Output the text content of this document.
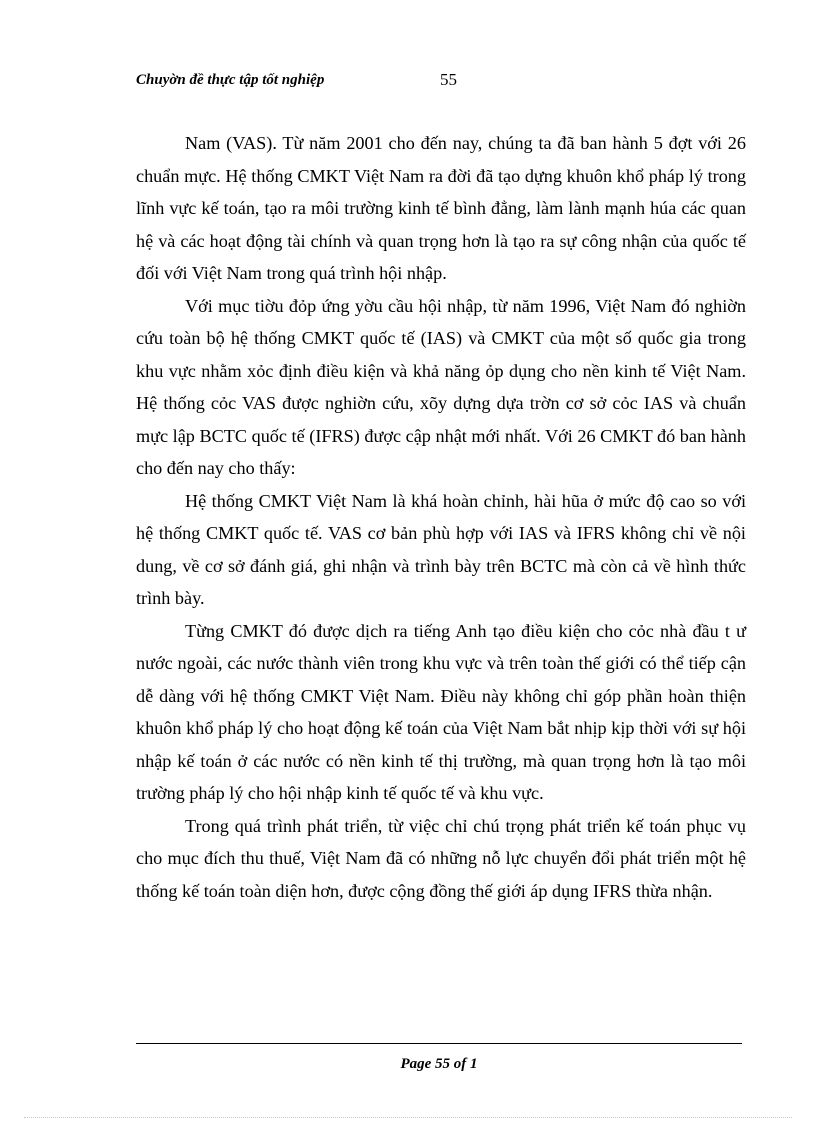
Chuyờn đề thực tập tốt nghiệp	55

Nam (VAS). Từ năm 2001 cho đến nay, chúng ta đã ban hành 5 đợt với 26 chuẩn mực. Hệ thống CMKT Việt Nam ra đời đã tạo dựng khuôn khổ pháp lý trong lĩnh vực kế toán, tạo ra môi trường kinh tế bình đẳng, làm lành mạnh húa các quan hệ và các hoạt động tài chính và quan trọng hơn là tạo ra sự công nhận của quốc tế đối với Việt Nam trong quá trình hội nhập.

Với mục tiờu đỏp ứng yờu cầu hội nhập, từ năm 1996, Việt Nam đó nghiờn cứu toàn bộ hệ thống CMKT quốc tế (IAS) và CMKT của một số quốc gia trong khu vực nhằm xỏc định điều kiện và khả năng ỏp dụng cho nền kinh tế Việt Nam. Hệ thống cỏc VAS được nghiờn cứu, xõy dựng dựa trờn cơ sở cỏc IAS và chuẩn mực lập BCTC quốc tế (IFRS) được cập nhật mới nhất. Với 26 CMKT đó ban hành cho đến nay cho thấy:

Hệ thống CMKT Việt Nam là khá hoàn chỉnh, hài hũa ở mức độ cao so với hệ thống CMKT quốc tế. VAS cơ bản phù hợp với IAS và IFRS không chỉ về nội dung, về cơ sở đánh giá, ghi nhận và trình bày trên BCTC mà còn cả về hình thức trình bày.

Từng CMKT đó được dịch ra tiếng Anh tạo điều kiện cho cỏc nhà đầu t ư nước ngoài, các nước thành viên trong khu vực và trên toàn thế giới có thể tiếp cận dễ dàng với hệ thống CMKT Việt Nam. Điều này không chỉ góp phần hoàn thiện khuôn khổ pháp lý cho hoạt động kế toán của Việt Nam bắt nhịp kịp thời với sự hội nhập kế toán ở các nước có nền kinh tế thị trường, mà quan trọng hơn là tạo môi trường pháp lý cho hội nhập kinh tế quốc tế và khu vực.

Trong quá trình phát triển, từ việc chỉ chú trọng phát triển kế toán phục vụ cho mục đích thu thuế, Việt Nam đã có những nỗ lực chuyển đổi phát triển một hệ thống kế toán toàn diện hơn, được cộng đồng thế giới áp dụng IFRS thừa nhận.

Page 55 of 1
